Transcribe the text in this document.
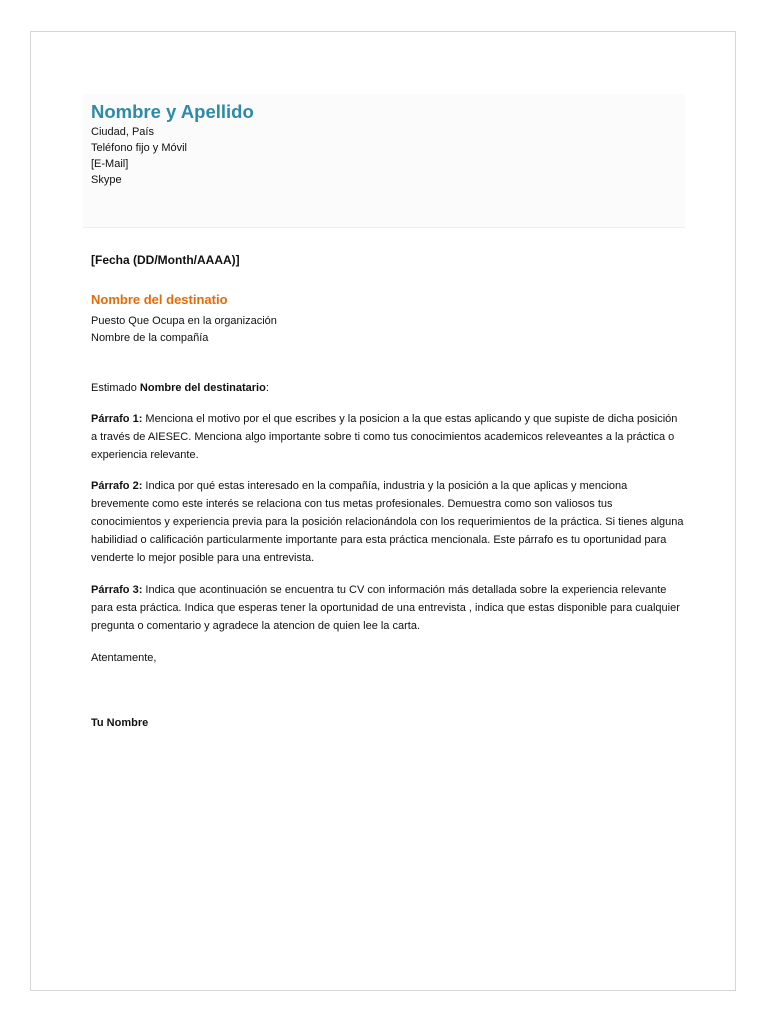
Nombre y Apellido
Ciudad, País
Teléfono fijo y Móvil
[E-Mail]
Skype
[Fecha (DD/Month/AAAA)]
Nombre del destinatio
Puesto Que Ocupa en la organización
Nombre de la compañía

Estimado Nombre del destinatario:

Párrafo 1: Menciona el motivo por el que escribes y la posicion a la que estas aplicando y que supiste de dicha posición a través de AIESEC. Menciona algo importante sobre ti como tus conocimientos academicos releveantes a la práctica o experiencia relevante.

Párrafo 2: Indica por qué estas interesado en la compañía, industria y la posición a la que aplicas y menciona brevemente como este interés se relaciona con tus metas profesionales. Demuestra como son valiosos tus conocimientos y experiencia previa para la posición relacionándola con los requerimientos de la práctica. Si tienes alguna habilidiad o calificación particularmente importante para esta práctica mencionala. Este párrafo es tu oportunidad para venderte lo mejor posible para una entrevista.

Párrafo 3: Indica que acontinuación se encuentra tu CV con información más detallada sobre la experiencia relevante para esta práctica. Indica que esperas tener la oportunidad de una entrevista , indica que estas disponible para cualquier pregunta o comentario y agradece la atencion de quien lee la carta.

Atentamente,

Tu Nombre
